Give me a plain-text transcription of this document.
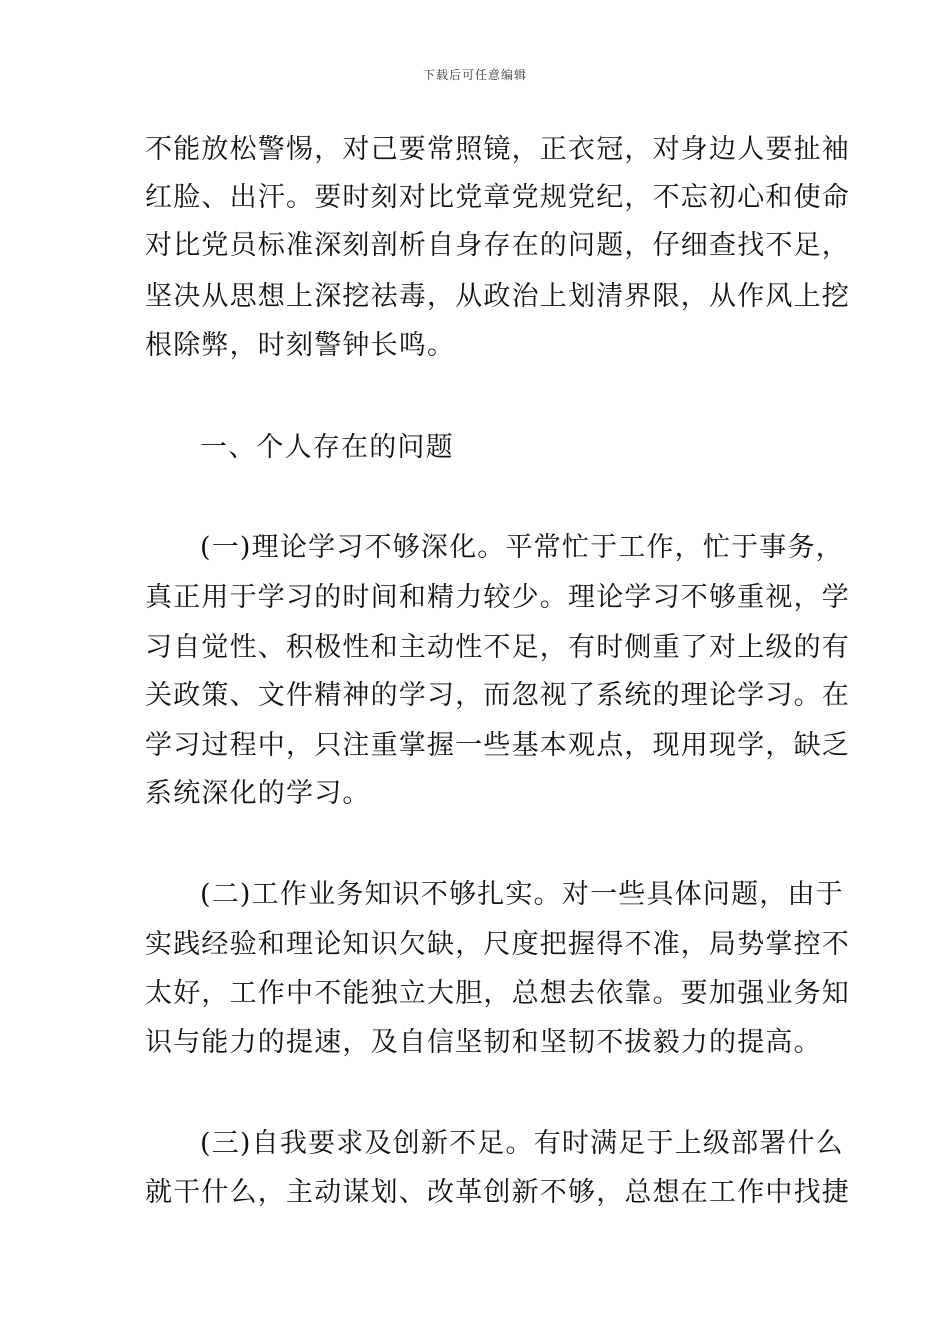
下载后可任意编辑
不能放松警惕，对己要常照镜，正衣冠，对身边人要扯袖
红脸、出汗。要时刻对比党章党规党纪，不忘初心和使命
对比党员标准深刻剖析自身存在的问题，仔细查找不足，
坚决从思想上深挖祛毒，从政治上划清界限，从作风上挖
根除弊，时刻警钟长鸣。
一、个人存在的问题
(一)理论学习不够深化。平常忙于工作，忙于事务，
真正用于学习的时间和精力较少。理论学习不够重视，学
习自觉性、积极性和主动性不足，有时侧重了对上级的有
关政策、文件精神的学习，而忽视了系统的理论学习。在
学习过程中，只注重掌握一些基本观点，现用现学，缺乏
系统深化的学习。
(二)工作业务知识不够扎实。对一些具体问题，由于
实践经验和理论知识欠缺，尺度把握得不准，局势掌控不
太好，工作中不能独立大胆，总想去依靠。要加强业务知
识与能力的提速，及自信坚韧和坚韧不拔毅力的提高。
(三)自我要求及创新不足。有时满足于上级部署什么
就干什么，主动谋划、改革创新不够，总想在工作中找捷
